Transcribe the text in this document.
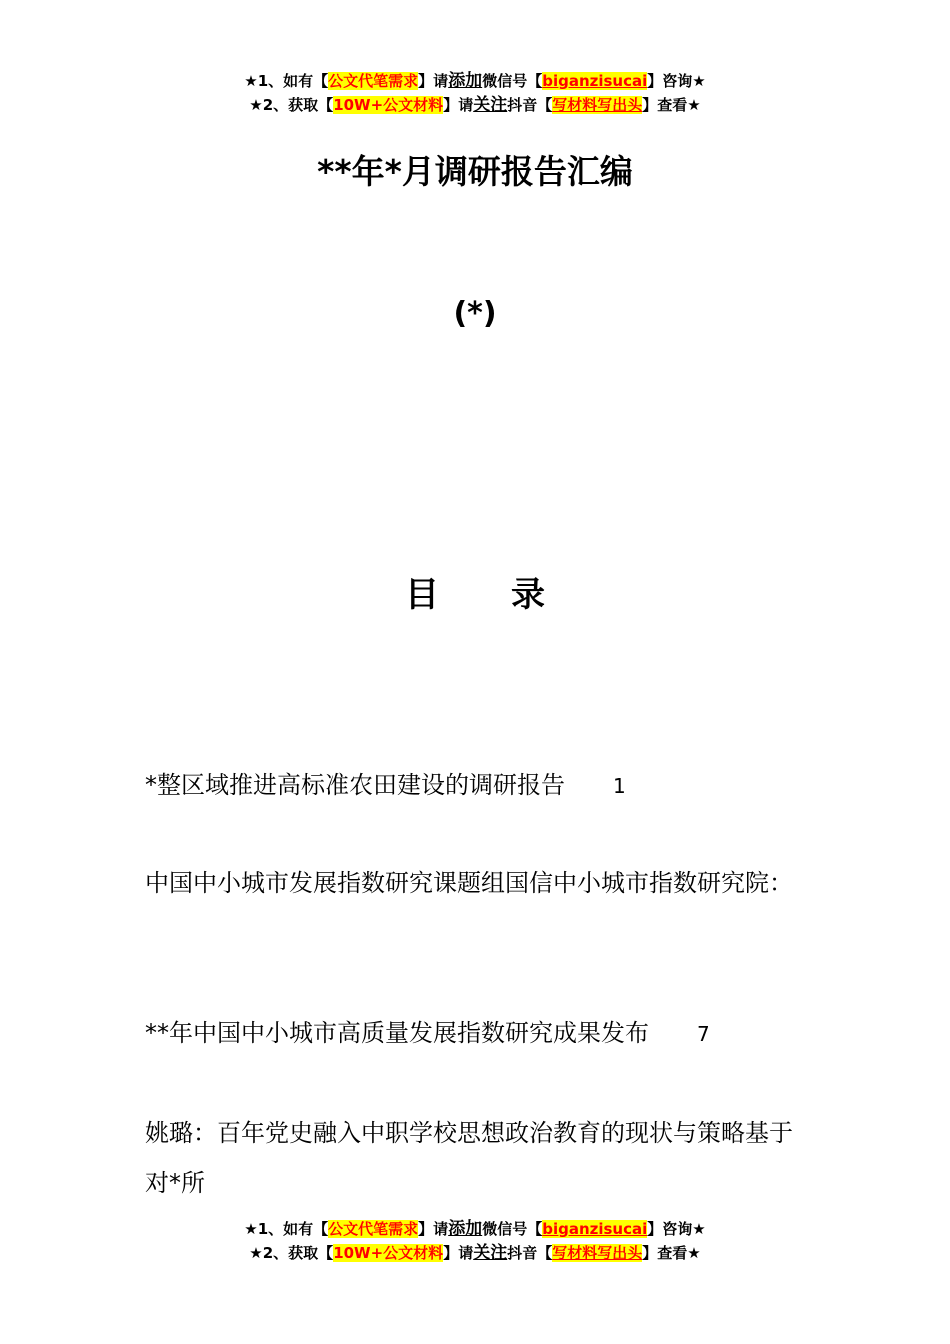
★1、如有【公文代笔需求】请添加微信号【biganzisucai】咨询★
★2、获取【10W+公文材料】请关注抖音【写材料写出头】查看★
**年*月调研报告汇编
(*)
目录

*整区域推进高标准农田建设的调研报告 1

中国中小城市发展指数研究课题组国信中小城市指数研究院：

**年中国中小城市高质量发展指数研究成果发布 7

姚璐：百年党史融入中职学校思想政治教育的现状与策略基于对*所

★1、如有【公文代笔需求】请添加微信号【biganzisucai】咨询★
★2、获取【10W+公文材料】请关注抖音【写材料写出头】查看★
